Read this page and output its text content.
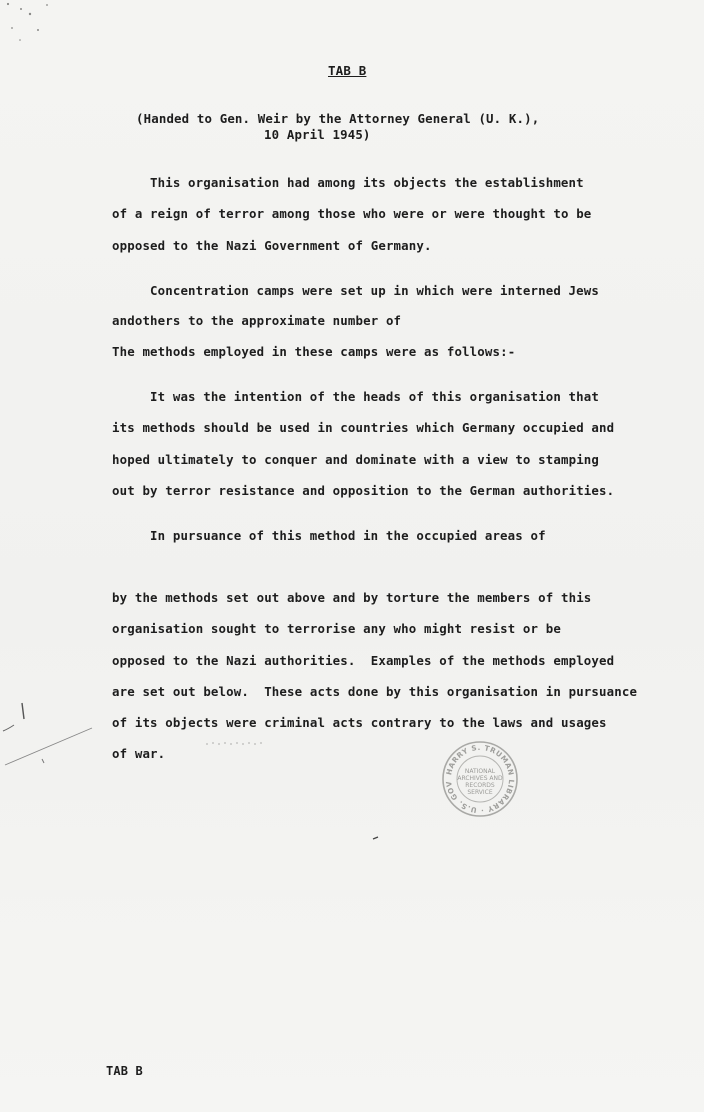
TAB B
(Handed to Gen. Weir by the Attorney General (U. K.),
10 April 1945)
This organisation had among its objects the establishment
of a reign of terror among those who were or were thought to be
opposed to the Nazi Government of Germany.
Concentration camps were set up in which were interned Jews
andothers to the approximate number of
The methods employed in these camps were as follows:-
It was the intention of the heads of this organisation that
its methods should be used in countries which Germany occupied and
hoped ultimately to conquer and dominate with a view to stamping
out by terror resistance and opposition to the German authorities.
In pursuance of this method in the occupied areas of
by the methods set out above and by torture the members of this
organisation sought to terrorise any who might resist or be
opposed to the Nazi authorities.  Examples of the methods employed
are set out below.  These acts done by this organisation in pursuance
of its objects were criminal acts contrary to the laws and usages
of war.
HARRY S. TRUMAN LIBRARY · U.S. GOV
NATIONAL
ARCHIVES AND
RECORDS
SERVICE
TAB B
